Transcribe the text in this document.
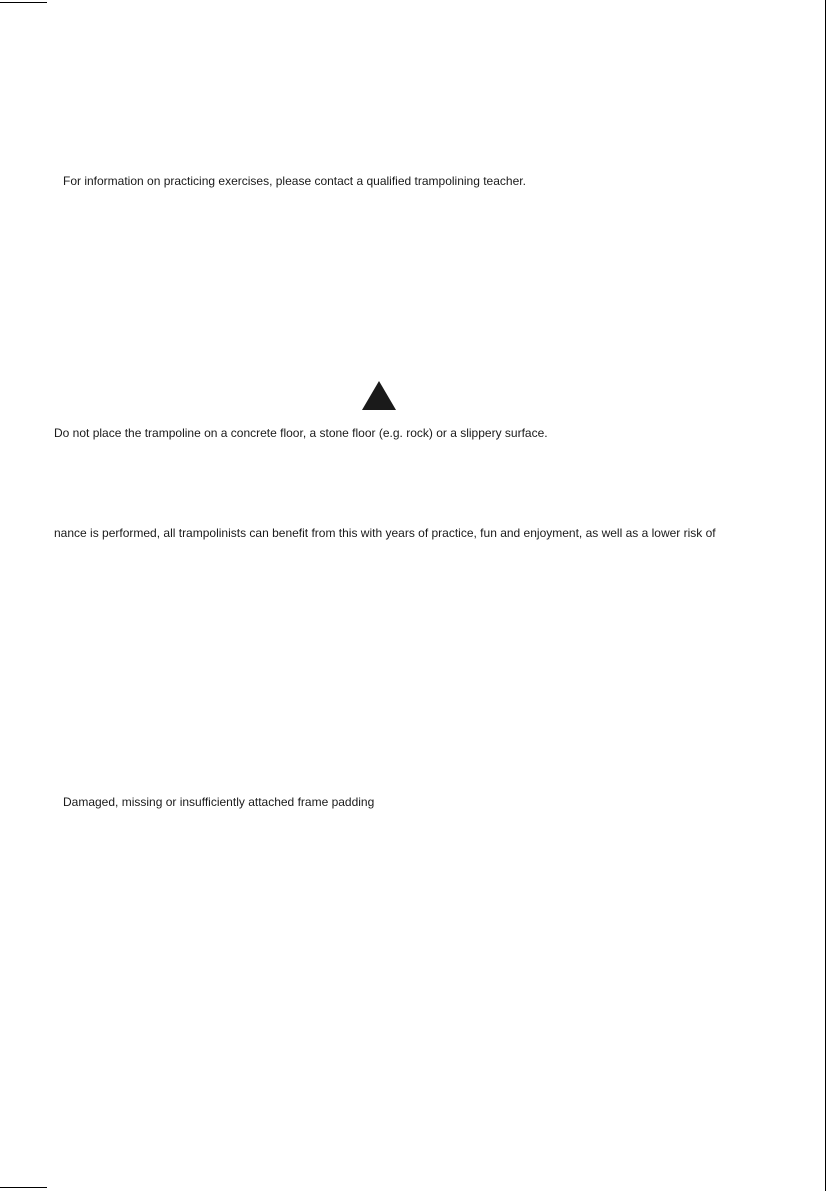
For information on practicing exercises, please contact a qualified trampolining teacher.
Do not place the trampoline on a concrete floor, a stone floor (e.g. rock) or a slippery surface.
nance is performed, all trampolinists can benefit from this with years of practice, fun and enjoyment, as well as a lower risk of
Damaged, missing or insufficiently attached frame padding
